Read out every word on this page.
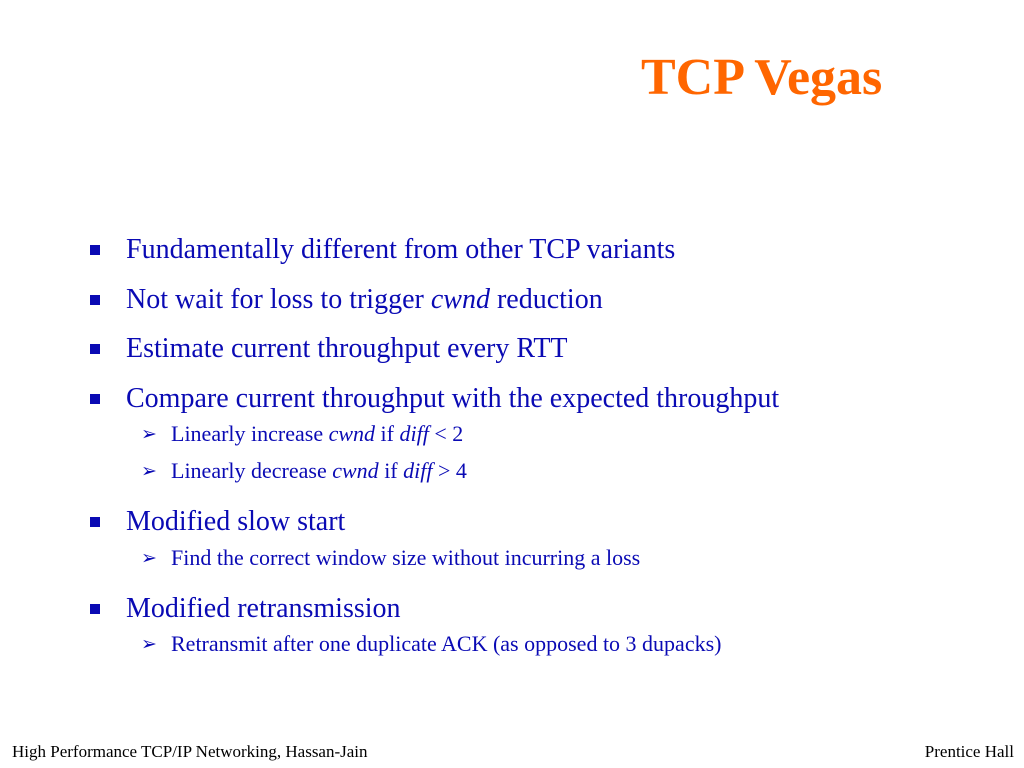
TCP Vegas
Fundamentally different from other TCP variants
Not wait for loss to trigger cwnd reduction
Estimate current throughput every RTT
Compare current throughput with the expected throughput
➢ Linearly increase cwnd if diff < 2
➢ Linearly decrease cwnd if diff > 4
Modified slow start
➢ Find the correct window size without incurring a loss
Modified retransmission
➢ Retransmit after one duplicate ACK (as opposed to 3 dupacks)
High Performance TCP/IP Networking, Hassan-Jain	Prentice Hall
